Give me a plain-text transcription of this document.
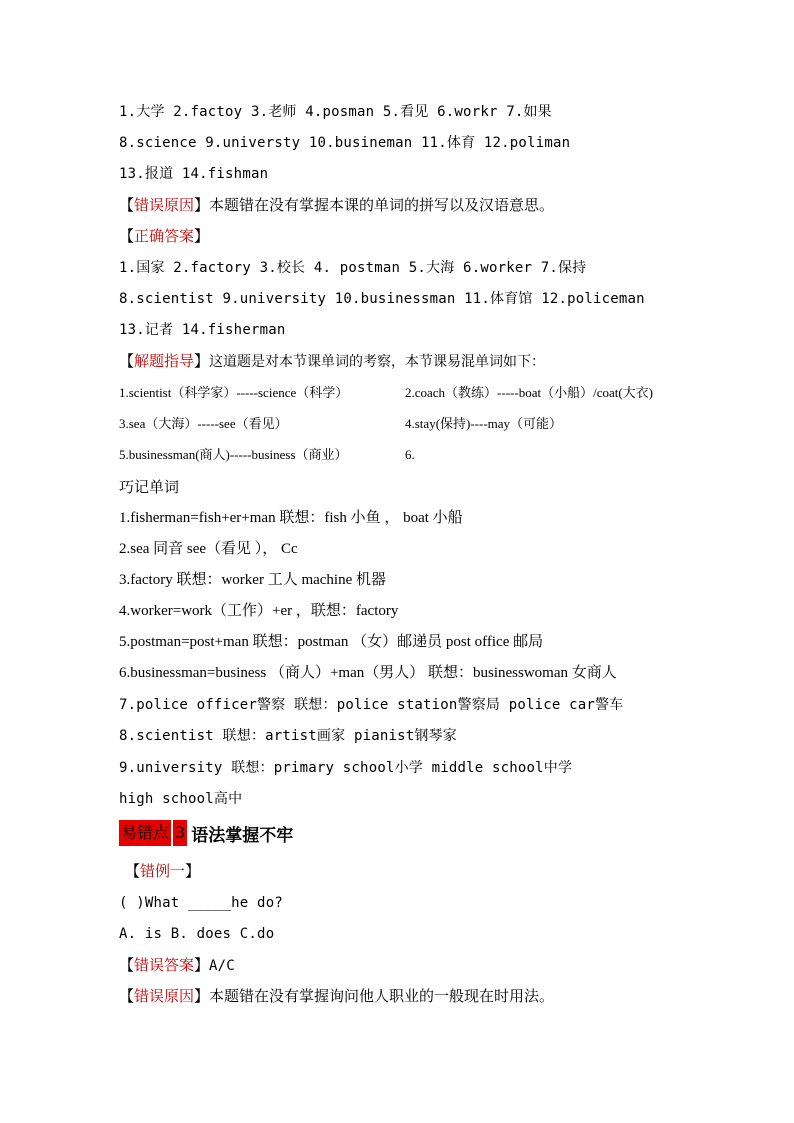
1.大学 2.factoy 3.老师 4.posman 5.看见 6.workr 7.如果
8.science 9.universty 10.busineman 11.体育 12.poliman
13.报道 14.fishman
【错误原因】本题错在没有掌握本课的单词的拼写以及汉语意思。
【正确答案】
1.国家 2.factory 3.校长 4. postman 5.大海 6.worker 7.保持
8.scientist 9.university 10.businessman 11.体育馆 12.policeman
13.记者 14.fisherman
【解题指导】这道题是对本节课单词的考察，本节课易混单词如下：
1.scientist（科学家）-----science（科学）	2.coach（教练）-----boat（小船）/coat(大衣)
3.sea（大海）-----see（看见）	4.stay(保持)----may（可能）
5.businessman(商人)-----business（商业）	6.
巧记单词
1.fisherman=fish+er+man 联想：fish 小鱼 ， boat 小船
2.sea 同音 see（看见 ）， Cc
3.factory 联想：worker 工人 machine 机器
4.worker=work（工作）+er ，联想：factory
5.postman=post+man 联想：postman （女）邮递员 post office 邮局
6.businessman=business （商人）+man（男人） 联想：businesswoman 女商人
7.police officer警察 联想：police station警察局 police car警车
8.scientist 联想：artist画家 pianist钢琴家
9.university 联想：primary school小学 middle school中学
high school高中
易错点 3 语法掌握不牢
【错例一】
( )What _____he do?
A. is B. does C.do
【错误答案】A/C
【错误原因】本题错在没有掌握询问他人职业的一般现在时用法。
